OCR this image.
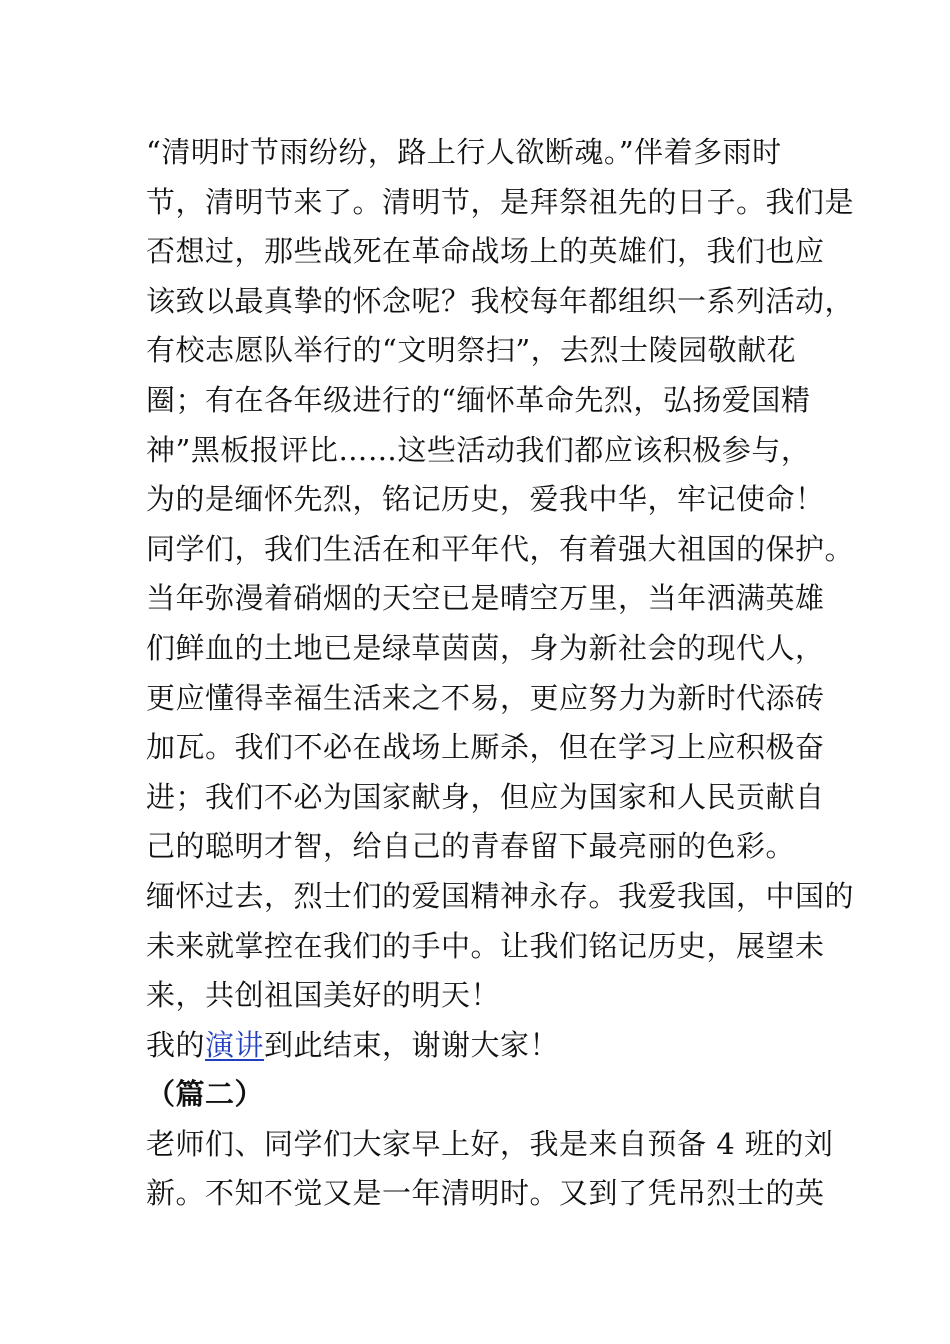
“清明时节雨纷纷，路上行人欲断魂。”伴着多雨时
节，清明节来了。清明节，是拜祭祖先的日子。我们是
否想过，那些战死在革命战场上的英雄们，我们也应
该致以最真挚的怀念呢？我校每年都组织一系列活动，
有校志愿队举行的“文明祭扫”，去烈士陵园敬献花
圈；有在各年级进行的“缅怀革命先烈，弘扬爱国精
神”黑板报评比……这些活动我们都应该积极参与，
为的是缅怀先烈，铭记历史，爱我中华，牢记使命！
同学们，我们生活在和平年代，有着强大祖国的保护。
当年弥漫着硝烟的天空已是晴空万里，当年洒满英雄
们鲜血的土地已是绿草茵茵，身为新社会的现代人，
更应懂得幸福生活来之不易，更应努力为新时代添砖
加瓦。我们不必在战场上厮杀，但在学习上应积极奋
进；我们不必为国家献身，但应为国家和人民贡献自
己的聪明才智，给自己的青春留下最亮丽的色彩。
缅怀过去，烈士们的爱国精神永存。我爱我国，中国的
未来就掌控在我们的手中。让我们铭记历史，展望未
来，共创祖国美好的明天！
我的演讲到此结束，谢谢大家！
（篇二）
老师们、同学们大家早上好，我是来自预备 4 班的刘
新。不知不觉又是一年清明时。又到了凭吊烈士的英
